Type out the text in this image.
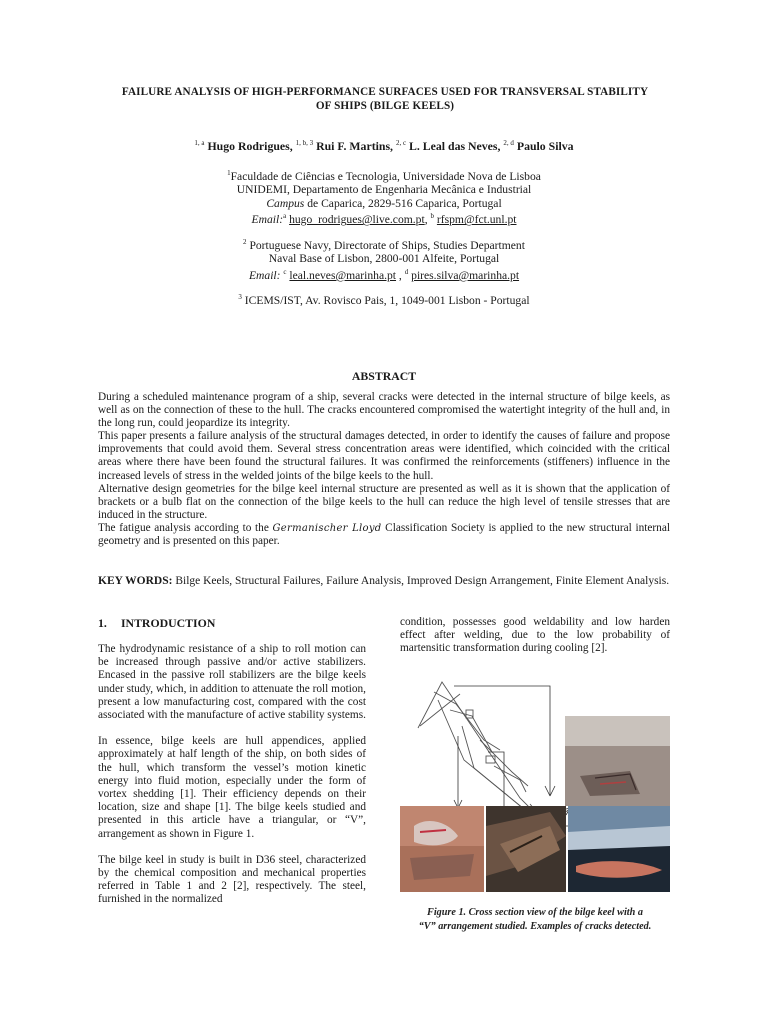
FAILURE ANALYSIS OF HIGH-PERFORMANCE SURFACES USED FOR TRANSVERSAL STABILITY
OF SHIPS (BILGE KEELS)
$^{1, a}$ Hugo Rodrigues, $^{1, b, 3}$ Rui F. Martins, $^{2, c}$ L. Leal das Neves, $^{2, d}$ Paulo Silva
$^1$Faculdade de Ciências e Tecnologia, Universidade Nova de Lisboa
UNIDEMI, Departamento de Engenharia Mecânica e Industrial
Campus de Caparica, 2829-516 Caparica, Portugal
Email:$^a$ hugo_rodrigues@live.com.pt, $^b$ rfspm@fct.unl.pt
$^2$ Portuguese Navy, Directorate of Ships, Studies Department
Naval Base of Lisbon, 2800-001 Alfeite, Portugal
Email: $^c$ leal.neves@marinha.pt , $^d$ pires.silva@marinha.pt
$^3$ ICEMS/IST, Av. Rovisco Pais, 1, 1049-001 Lisbon - Portugal
ABSTRACT

During a scheduled maintenance program of a ship, several cracks were detected in the internal structure of bilge keels, as well as on the connection of these to the hull. The cracks encountered compromised the watertight integrity of the hull and, in the long run, could jeopardize its integrity.

This paper presents a failure analysis of the structural damages detected, in order to identify the causes of failure and propose improvements that could avoid them. Several stress concentration areas were identified, which coincided with the critical areas where there have been found the structural failures. It was confirmed the reinforcements (stiffeners) influence in the increased levels of stress in the welded joints of the bilge keels to the hull.

Alternative design geometries for the bilge keel internal structure are presented as well as it is shown that the application of brackets or a bulb flat on the connection of the bilge keels to the hull can reduce the high level of tensile stresses that are induced in the structure.

The fatigue analysis according to the Germanischer Lloyd Classification Society is applied to the new structural internal geometry and is presented on this paper.

KEY WORDS: Bilge Keels, Structural Failures, Failure Analysis, Improved Design Arrangement, Finite Element Analysis.
1. INTRODUCTION

The hydrodynamic resistance of a ship to roll motion can be increased through passive and/or active stabilizers. Encased in the passive roll stabilizers are the bilge keels under study, which, in addition to attenuate the roll motion, present a low manufacturing cost, compared with the cost associated with the manufacture of active stability systems.

In essence, bilge keels are hull appendices, applied approximately at half length of the ship, on both sides of the hull, which transform the vessel’s motion kinetic energy into fluid motion, especially under the form of vortex shedding [1]. Their efficiency depends on their location, size and shape [1]. The bilge keels studied and presented in this article have a triangular, or “V”, arrangement as shown in Figure 1.

The bilge keel in study is built in D36 steel, characterized by the chemical composition and mechanical properties referred in Table 1 and 2 [2], respectively. The steel, furnished in the normalized

condition, possesses good weldability and low harden effect after welding, due to the low probability of martensitic transformation during cooling [2].

Figure 1. Cross section view of the bilge keel with a
“V” arrangement studied. Examples of cracks detected.
